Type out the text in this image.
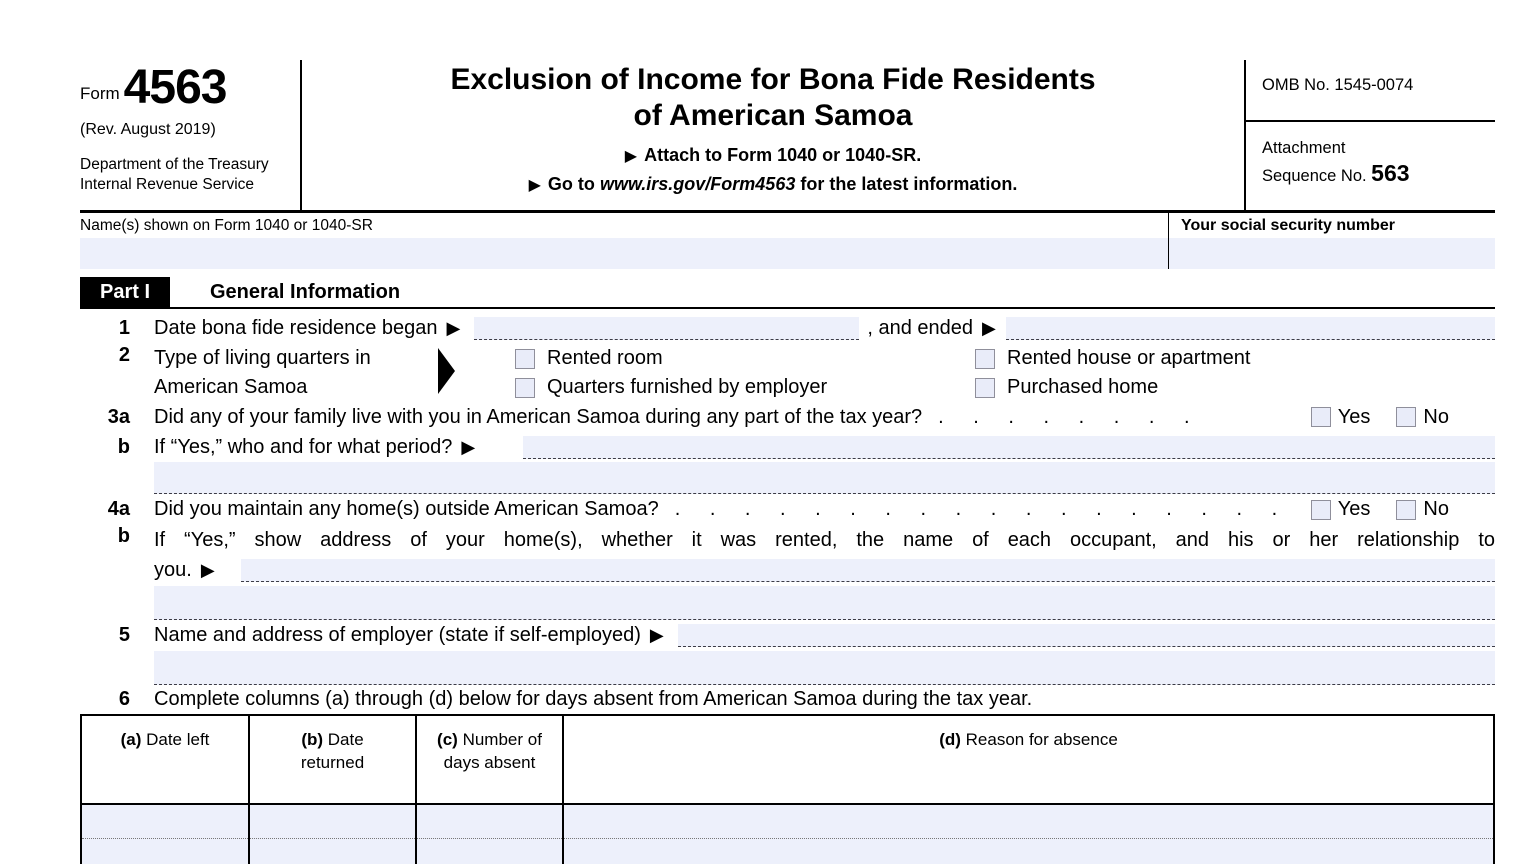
Form 4563
(Rev. August 2019)
Department of the Treasury
Internal Revenue Service
Exclusion of Income for Bona Fide Residents
of American Samoa
▶ Attach to Form 1040 or 1040-SR.
▶ Go to www.irs.gov/Form4563 for the latest information.
OMB No. 1545-0074
Attachment
Sequence No. 563
Name(s) shown on Form 1040 or 1040-SR	Your social security number
Part I	General Information
1 Date bona fide residence began ▶	, and ended ▶
2 Type of living quarters in
American Samoa
Rented room	Rented house or apartment
Quarters furnished by employer	Purchased home
3a Did any of your family live with you in American Samoa during any part of the tax year? . . . . . . . .	Yes	No
b If “Yes,” who and for what period? ▶
4a Did you maintain any home(s) outside American Samoa? . . . . . . . . . . . . . . . . . .	Yes	No
b If “Yes,” show address of your home(s), whether it was rented, the name of each occupant, and his or her relationship to
you. ▶
5 Name and address of employer (state if self-employed) ▶
6 Complete columns (a) through (d) below for days absent from American Samoa during the tax year.
(a) Date left	(b) Date returned	(c) Number of days absent	(d) Reason for absence
